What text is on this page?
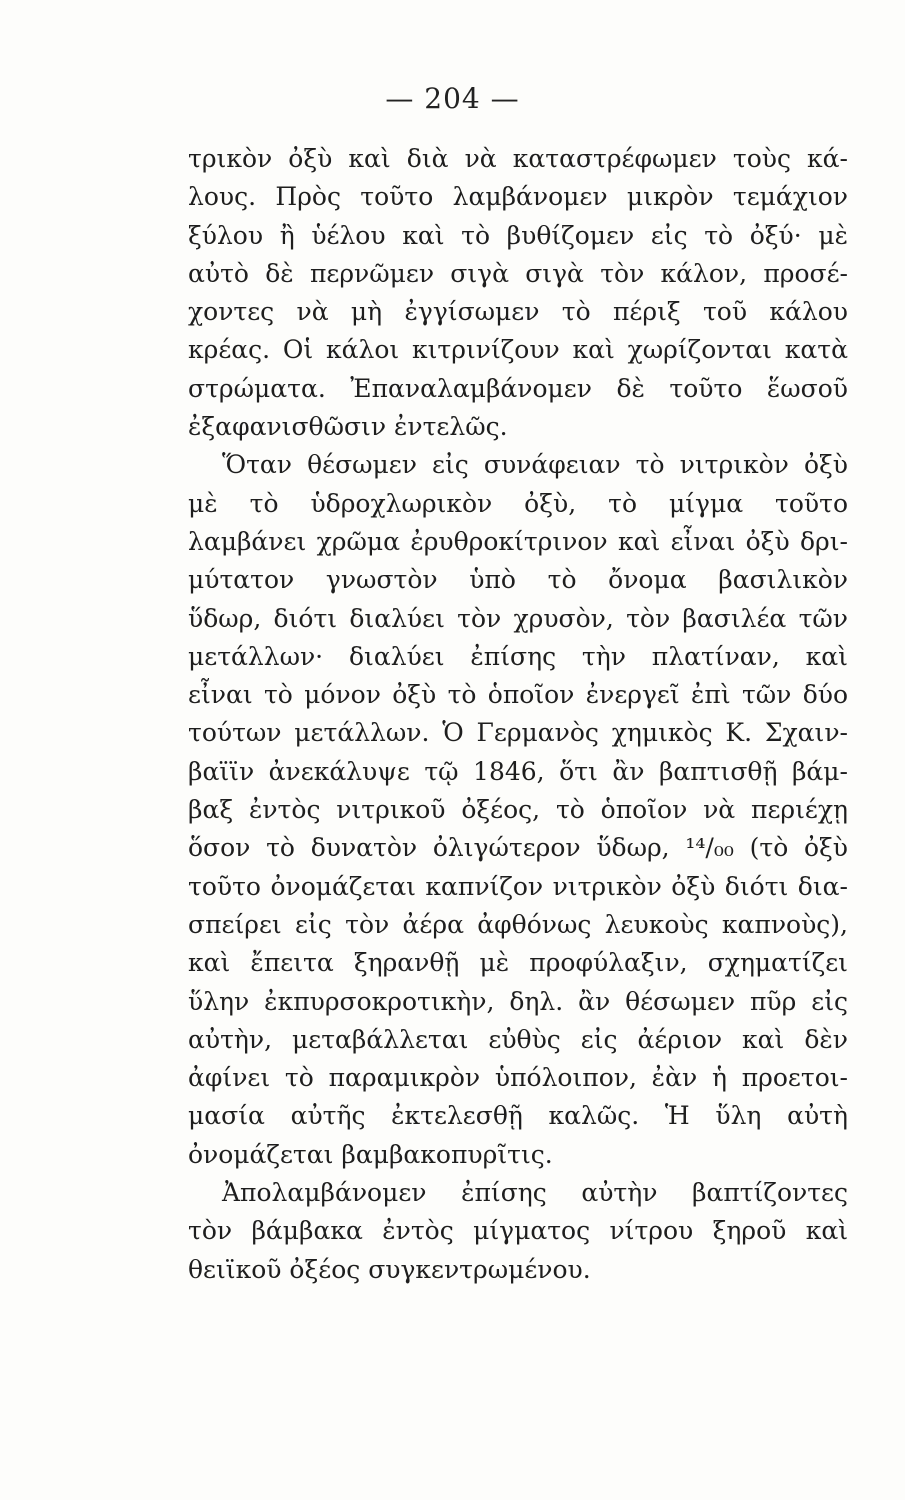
— 204 —
τρικὸν ὀξὺ καὶ διὰ νὰ καταστρέφωμεν τοὺς κά-
λους. Πρὸς τοῦτο λαμβάνομεν μικρὸν τεμάχιον
ξύλου ἢ ὑέλου καὶ τὸ βυθίζομεν εἰς τὸ ὀξύ· μὲ
αὐτὸ δὲ περνῶμεν σιγὰ σιγὰ τὸν κάλον, προσέ-
χοντες νὰ μὴ ἐγγίσωμεν τὸ πέριξ τοῦ κάλου
κρέας. Οἱ κάλοι κιτρινίζουν καὶ χωρίζονται κατὰ
στρώματα. Ἐπαναλαμβάνομεν δὲ τοῦτο ἕωσοῦ
ἐξαφανισθῶσιν ἐντελῶς.
Ὅταν θέσωμεν εἰς συνάφειαν τὸ νιτρικὸν ὀξὺ
μὲ τὸ ὑδροχλωρικὸν ὀξὺ, τὸ μίγμα τοῦτο
λαμβάνει χρῶμα ἐρυθροκίτρινον καὶ εἶναι ὀξὺ δρι-
μύτατον γνωστὸν ὑπὸ τὸ ὄνομα βασιλικὸν
ὕδωρ, διότι διαλύει τὸν χρυσὸν, τὸν βασιλέα τῶν
μετάλλων· διαλύει ἐπίσης τὴν πλατίναν, καὶ
εἶναι τὸ μόνον ὀξὺ τὸ ὁποῖον ἐνεργεῖ ἐπὶ τῶν δύο
τούτων μετάλλων. Ὁ Γερμανὸς χημικὸς Κ. Σχαιν-
βαϊϊν ἀνεκάλυψε τῷ 1846, ὅτι ἂν βαπτισθῇ βάμ-
βαξ ἐντὸς νιτρικοῦ ὀξέος, τὸ ὁποῖον νὰ περιέχῃ
ὅσον τὸ δυνατὸν ὀλιγώτερον ὕδωρ, ¹⁴/₀₀ (τὸ ὀξὺ
τοῦτο ὀνομάζεται καπνίζον νιτρικὸν ὀξὺ διότι δια-
σπείρει εἰς τὸν ἀέρα ἀφθόνως λευκοὺς καπνοὺς),
καὶ ἔπειτα ξηρανθῇ μὲ προφύλαξιν, σχηματίζει
ὕλην ἐκπυρσοκροτικὴν, δηλ. ἂν θέσωμεν πῦρ εἰς
αὐτὴν, μεταβάλλεται εὐθὺς εἰς ἀέριον καὶ δὲν
ἀφίνει τὸ παραμικρὸν ὑπόλοιπον, ἐὰν ἡ προετοι-
μασία αὐτῆς ἐκτελεσθῇ καλῶς. Ἡ ὕλη αὐτὴ
ὀνομάζεται βαμβακοπυρῖτις.
Ἀπολαμβάνομεν ἐπίσης αὐτὴν βαπτίζοντες
τὸν βάμβακα ἐντὸς μίγματος νίτρου ξηροῦ καὶ
θειϊκοῦ ὀξέος συγκεντρωμένου.
